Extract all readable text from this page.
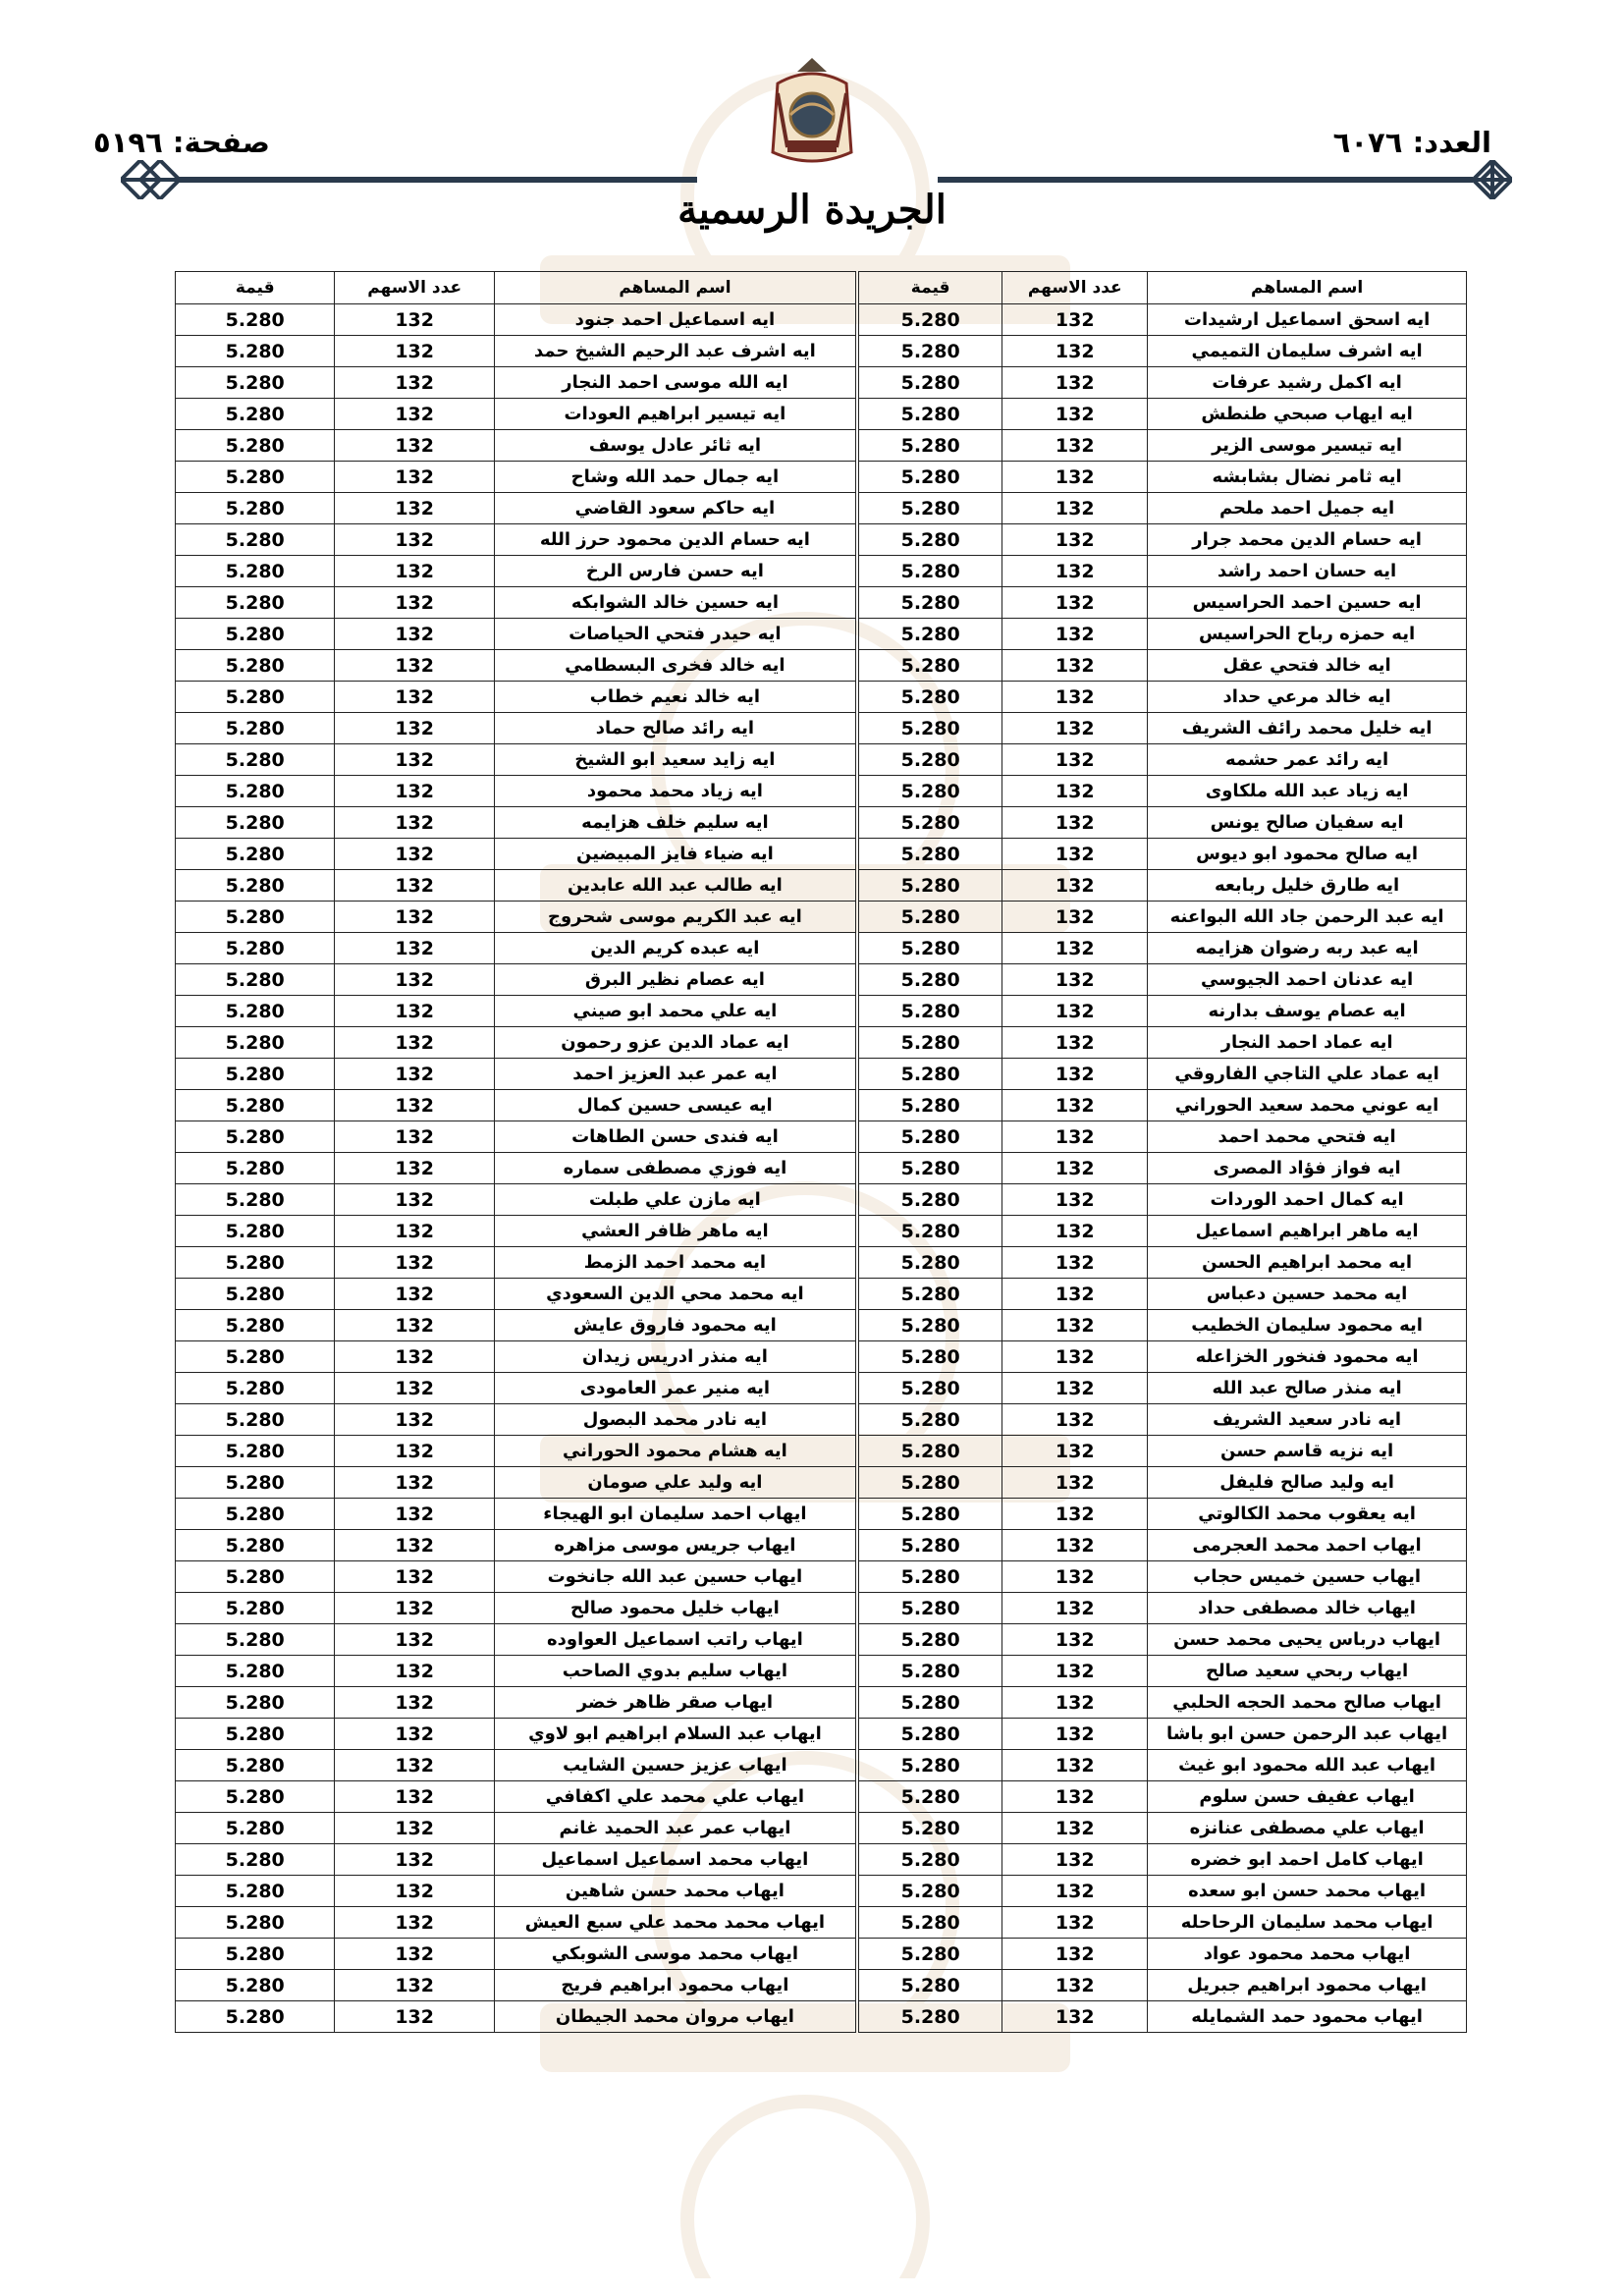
العدد: ٦٠٧٦
صفحة: ٥١٩٦
الجريدة الرسمية
اسم المساهم	عدد الاسهم	قيمة	اسم المساهم	عدد الاسهم	قيمة
ايه اسحق اسماعيل ارشيدات	132	5.280	ايه اسماعيل احمد جنود	132	5.280
ايه اشرف سليمان التميمي	132	5.280	ايه اشرف عبد الرحيم الشيخ حمد	132	5.280
ايه اكمل رشيد عرفات	132	5.280	ايه الله موسى احمد النجار	132	5.280
ايه ايهاب صبحي طنطش	132	5.280	ايه تيسير ابراهيم العودات	132	5.280
ايه تيسير موسى الزير	132	5.280	ايه ثائر عادل يوسف	132	5.280
ايه ثامر نضال بشابشه	132	5.280	ايه جمال حمد الله وشاح	132	5.280
ايه جميل احمد ملحم	132	5.280	ايه حاكم سعود القاضي	132	5.280
ايه حسام الدين محمد جرار	132	5.280	ايه حسام الدين محمود حرز الله	132	5.280
ايه حسان احمد راشد	132	5.280	ايه حسن فارس الرخ	132	5.280
ايه حسين احمد الحراسيس	132	5.280	ايه حسين خالد الشوابكه	132	5.280
ايه حمزه رباح الحراسيس	132	5.280	ايه حيدر فتحي الحياصات	132	5.280
ايه خالد فتحي عقل	132	5.280	ايه خالد فخرى البسطامي	132	5.280
ايه خالد مرعي حداد	132	5.280	ايه خالد نعيم خطاب	132	5.280
ايه خليل محمد رائف الشريف	132	5.280	ايه رائد صالح حماد	132	5.280
ايه رائد عمر حشمه	132	5.280	ايه زايد سعيد ابو الشيخ	132	5.280
ايه زياد عبد الله ملكاوى	132	5.280	ايه زياد محمد محمود	132	5.280
ايه سفيان صالح يونس	132	5.280	ايه سليم خلف هزايمه	132	5.280
ايه صالح محمود ابو ديوس	132	5.280	ايه ضياء فايز المبيضين	132	5.280
ايه طارق خليل ربابعه	132	5.280	ايه طالب عبد الله عابدين	132	5.280
ايه عبد الرحمن جاد الله البواعنه	132	5.280	ايه عبد الكريم موسى شحروج	132	5.280
ايه عبد ربه رضوان هزايمه	132	5.280	ايه عبده كريم الدين	132	5.280
ايه عدنان احمد الجيوسي	132	5.280	ايه عصام نظير البرق	132	5.280
ايه عصام يوسف بدارنه	132	5.280	ايه علي محمد ابو صيني	132	5.280
ايه عماد احمد النجار	132	5.280	ايه عماد الدين عزو رحمون	132	5.280
ايه عماد علي التاجي الفاروقي	132	5.280	ايه عمر عبد العزيز احمد	132	5.280
ايه عوني محمد سعيد الحوراني	132	5.280	ايه عيسى حسين كمال	132	5.280
ايه فتحي محمد احمد	132	5.280	ايه فندى حسن الطاهات	132	5.280
ايه فواز فؤاد المصرى	132	5.280	ايه فوزي مصطفى سماره	132	5.280
ايه كمال احمد الوردات	132	5.280	ايه مازن علي طبلت	132	5.280
ايه ماهر ابراهيم اسماعيل	132	5.280	ايه ماهر ظافر العشي	132	5.280
ايه محمد ابراهيم الحسن	132	5.280	ايه محمد احمد الزمط	132	5.280
ايه محمد حسين دعباس	132	5.280	ايه محمد محي الدين السعودي	132	5.280
ايه محمود سليمان الخطيب	132	5.280	ايه محمود فاروق عايش	132	5.280
ايه محمود فنخور الخزاعله	132	5.280	ايه منذر ادريس زيدان	132	5.280
ايه منذر صالح عبد الله	132	5.280	ايه منير عمر العامودى	132	5.280
ايه نادر سعيد الشريف	132	5.280	ايه نادر محمد البصول	132	5.280
ايه نزيه قاسم حسن	132	5.280	ايه هشام محمود الحوراني	132	5.280
ايه وليد صالح فليفل	132	5.280	ايه وليد علي صومان	132	5.280
ايه يعقوب محمد الكالوتي	132	5.280	ايهاب احمد سليمان ابو الهيجاء	132	5.280
ايهاب احمد محمد العجرمى	132	5.280	ايهاب جريس موسى مزاهره	132	5.280
ايهاب حسين خميس حجاب	132	5.280	ايهاب حسين عبد الله جانخوت	132	5.280
ايهاب خالد مصطفى حداد	132	5.280	ايهاب خليل محمود صالح	132	5.280
ايهاب درباس يحيى محمد حسن	132	5.280	ايهاب راتب اسماعيل العواوده	132	5.280
ايهاب ربحي سعيد صالح	132	5.280	ايهاب سليم بدوي الصاحب	132	5.280
ايهاب صالح محمد الحجه الحلبي	132	5.280	ايهاب صقر ظاهر خضر	132	5.280
ايهاب عبد الرحمن حسن ابو باشا	132	5.280	ايهاب عبد السلام ابراهيم ابو لاوي	132	5.280
ايهاب عبد الله محمود ابو غيث	132	5.280	ايهاب عزيز حسين الشايب	132	5.280
ايهاب عفيف حسن سلوم	132	5.280	ايهاب علي محمد علي اكفافي	132	5.280
ايهاب علي مصطفى عنانزه	132	5.280	ايهاب عمر عبد الحميد غانم	132	5.280
ايهاب كامل احمد ابو خضره	132	5.280	ايهاب محمد اسماعيل اسماعيل	132	5.280
ايهاب محمد حسن ابو سعده	132	5.280	ايهاب محمد حسن شاهين	132	5.280
ايهاب محمد سليمان الرحاحله	132	5.280	ايهاب محمد محمد علي سبع العيش	132	5.280
ايهاب محمد محمود عواد	132	5.280	ايهاب محمد موسى الشوبكي	132	5.280
ايهاب محمود ابراهيم جبريل	132	5.280	ايهاب محمود ابراهيم فريج	132	5.280
ايهاب محمود حمد الشمايله	132	5.280	ايهاب مروان محمد الجيطان	132	5.280
